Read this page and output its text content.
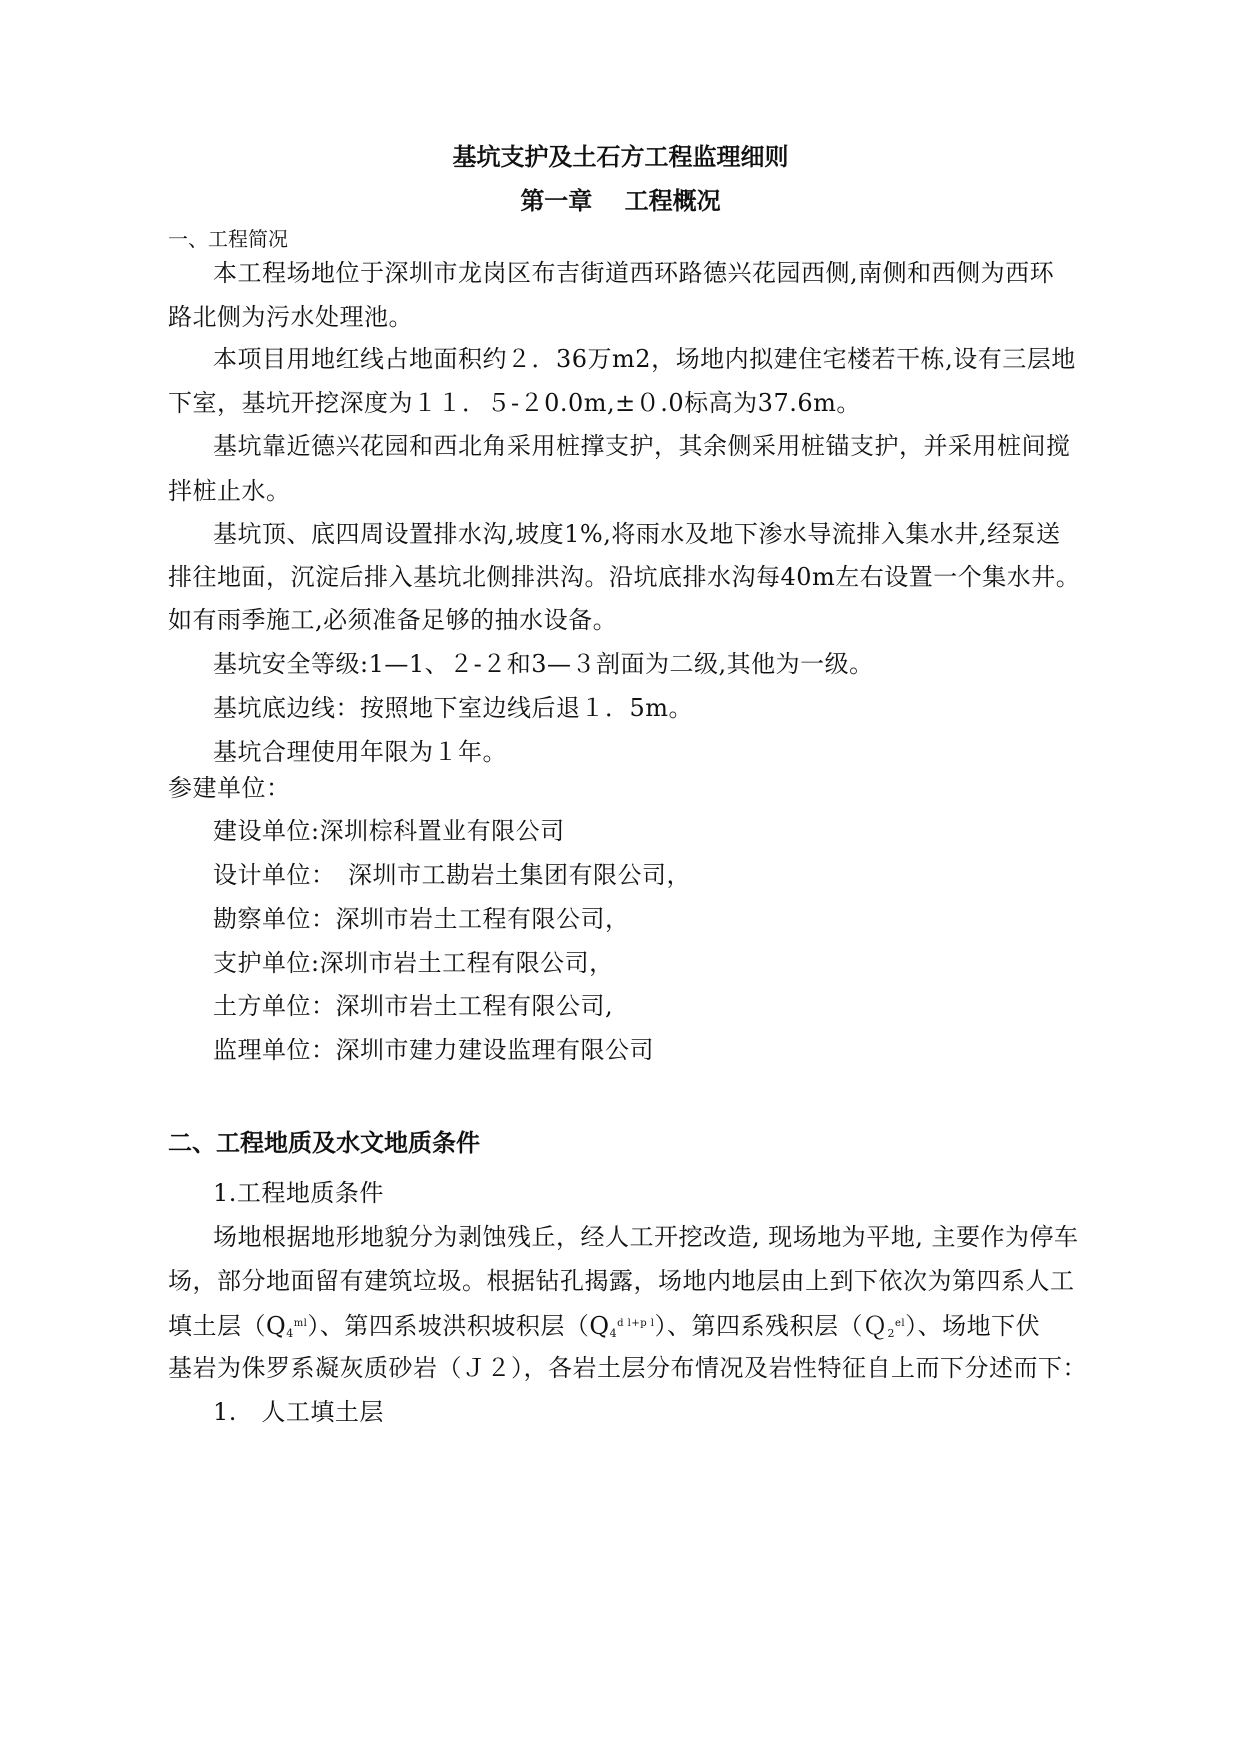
基坑支护及土石方工程监理细则
第一章　 工程概况
一、工程简况
本工程场地位于深圳市龙岗区布吉街道西环路德兴花园西侧,南侧和西侧为西环
路北侧为污水处理池。
本项目用地红线占地面积约２．36万m2，场地内拟建住宅楼若干栋,设有三层地
下室，基坑开挖深度为１１．５-２0.0m,±０.0标高为37.6m。
基坑靠近德兴花园和西北角采用桩撑支护，其余侧采用桩锚支护，并采用桩间搅
拌桩止水。
基坑顶、底四周设置排水沟,坡度1%,将雨水及地下渗水导流排入集水井,经泵送
排往地面，沉淀后排入基坑北侧排洪沟。沿坑底排水沟每40m左右设置一个集水井。
如有雨季施工,必须准备足够的抽水设备。
基坑安全等级:1—1、２-２和3—３剖面为二级,其他为一级。
基坑底边线：按照地下室边线后退１．5m。
基坑合理使用年限为１年。
参建单位：
建设单位:深圳棕科置业有限公司
设计单位：　深圳市工勘岩土集团有限公司，
勘察单位：深圳市岩土工程有限公司，
支护单位:深圳市岩土工程有限公司，
土方单位：深圳市岩土工程有限公司,
监理单位：深圳市建力建设监理有限公司
二、工程地质及水文地质条件
1.工程地质条件
场地根据地形地貌分为剥蚀残丘，经人工开挖改造, 现场地为平地, 主要作为停车
场，部分地面留有建筑垃圾。根据钻孔揭露，场地内地层由上到下依次为第四系人工
填土层$(Q_4^{ml})$、第四系坡洪积坡积层$(Q_4^{d l+p l})$、第四系残积层（Ｑ$_2^{el}$）、场地下伏
基岩为侏罗系凝灰质砂岩（Ｊ２），各岩土层分布情况及岩性特征自上而下分述而下：
1.　人工填土层
